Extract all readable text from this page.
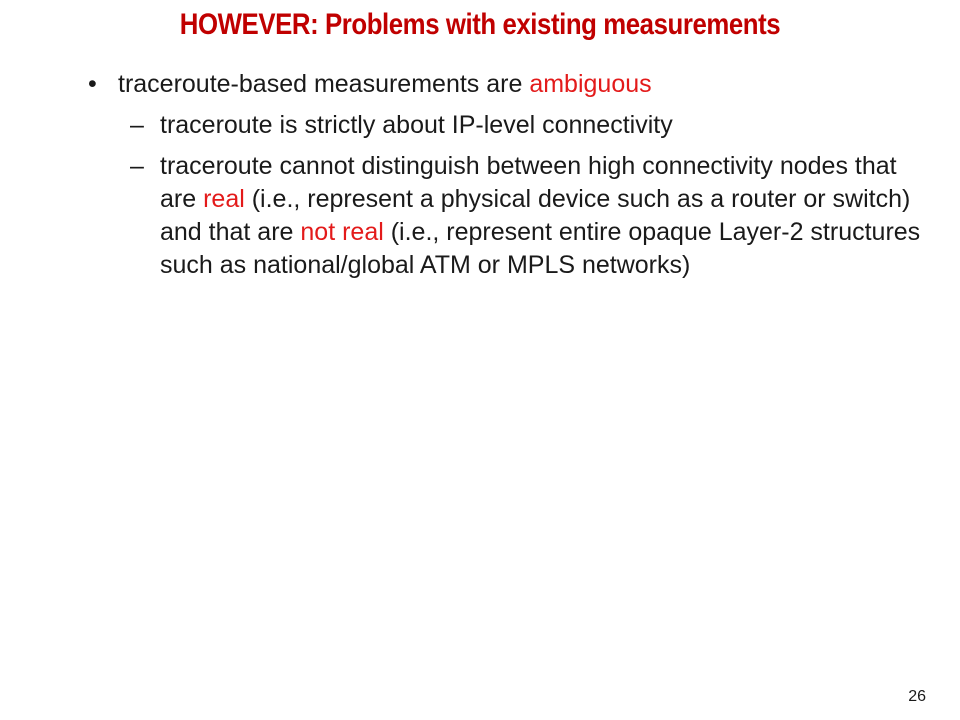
HOWEVER: Problems with existing measurements
• traceroute-based measurements are ambiguous
– traceroute is strictly about IP-level connectivity
– traceroute cannot distinguish between high connectivity nodes that are real (i.e., represent a physical device such as a router or switch) and that are not real (i.e., represent entire opaque Layer-2 structures such as national/global ATM or MPLS networks)
26
